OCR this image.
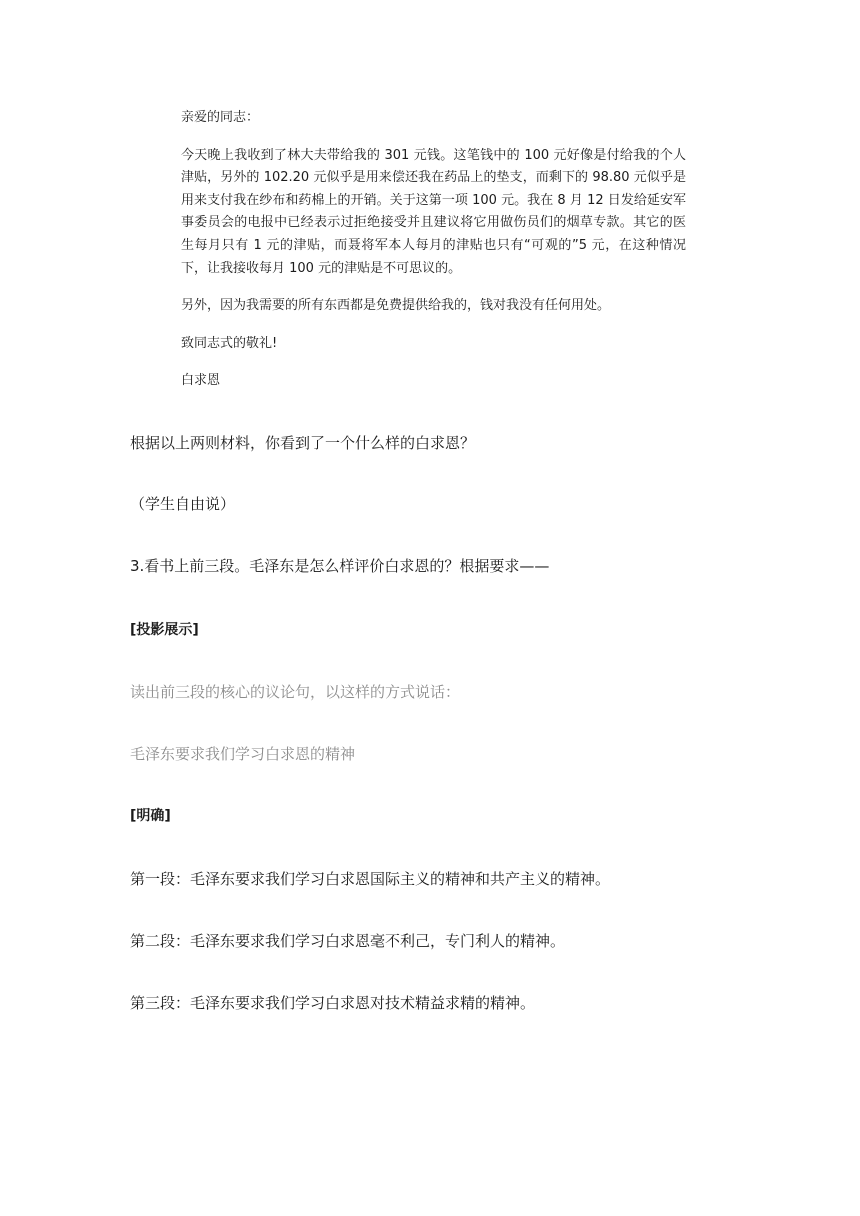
亲爱的同志：

今天晚上我收到了林大夫带给我的 301 元钱。这笔钱中的 100 元好像是付给我的个人津贴，另外的 102.20 元似乎是用来偿还我在药品上的垫支，而剩下的 98.80 元似乎是用来支付我在纱布和药棉上的开销。关于这第一项 100 元。我在 8 月 12 日发给延安军事委员会的电报中已经表示过拒绝接受并且建议将它用做伤员们的烟草专款。其它的医生每月只有 1 元的津贴，而聂将军本人每月的津贴也只有“可观的”5 元，在这种情况下，让我接收每月 100 元的津贴是不可思议的。

另外，因为我需要的所有东西都是免费提供给我的，钱对我没有任何用处。

致同志式的敬礼!

白求恩

根据以上两则材料，你看到了一个什么样的白求恩？

（学生自由说）

3.看书上前三段。毛泽东是怎么样评价白求恩的？根据要求——

[投影展示]

读出前三段的核心的议论句，以这样的方式说话：

毛泽东要求我们学习白求恩的精神

[明确]

第一段：毛泽东要求我们学习白求恩国际主义的精神和共产主义的精神。

第二段：毛泽东要求我们学习白求恩毫不利己，专门利人的精神。

第三段：毛泽东要求我们学习白求恩对技术精益求精的精神。
